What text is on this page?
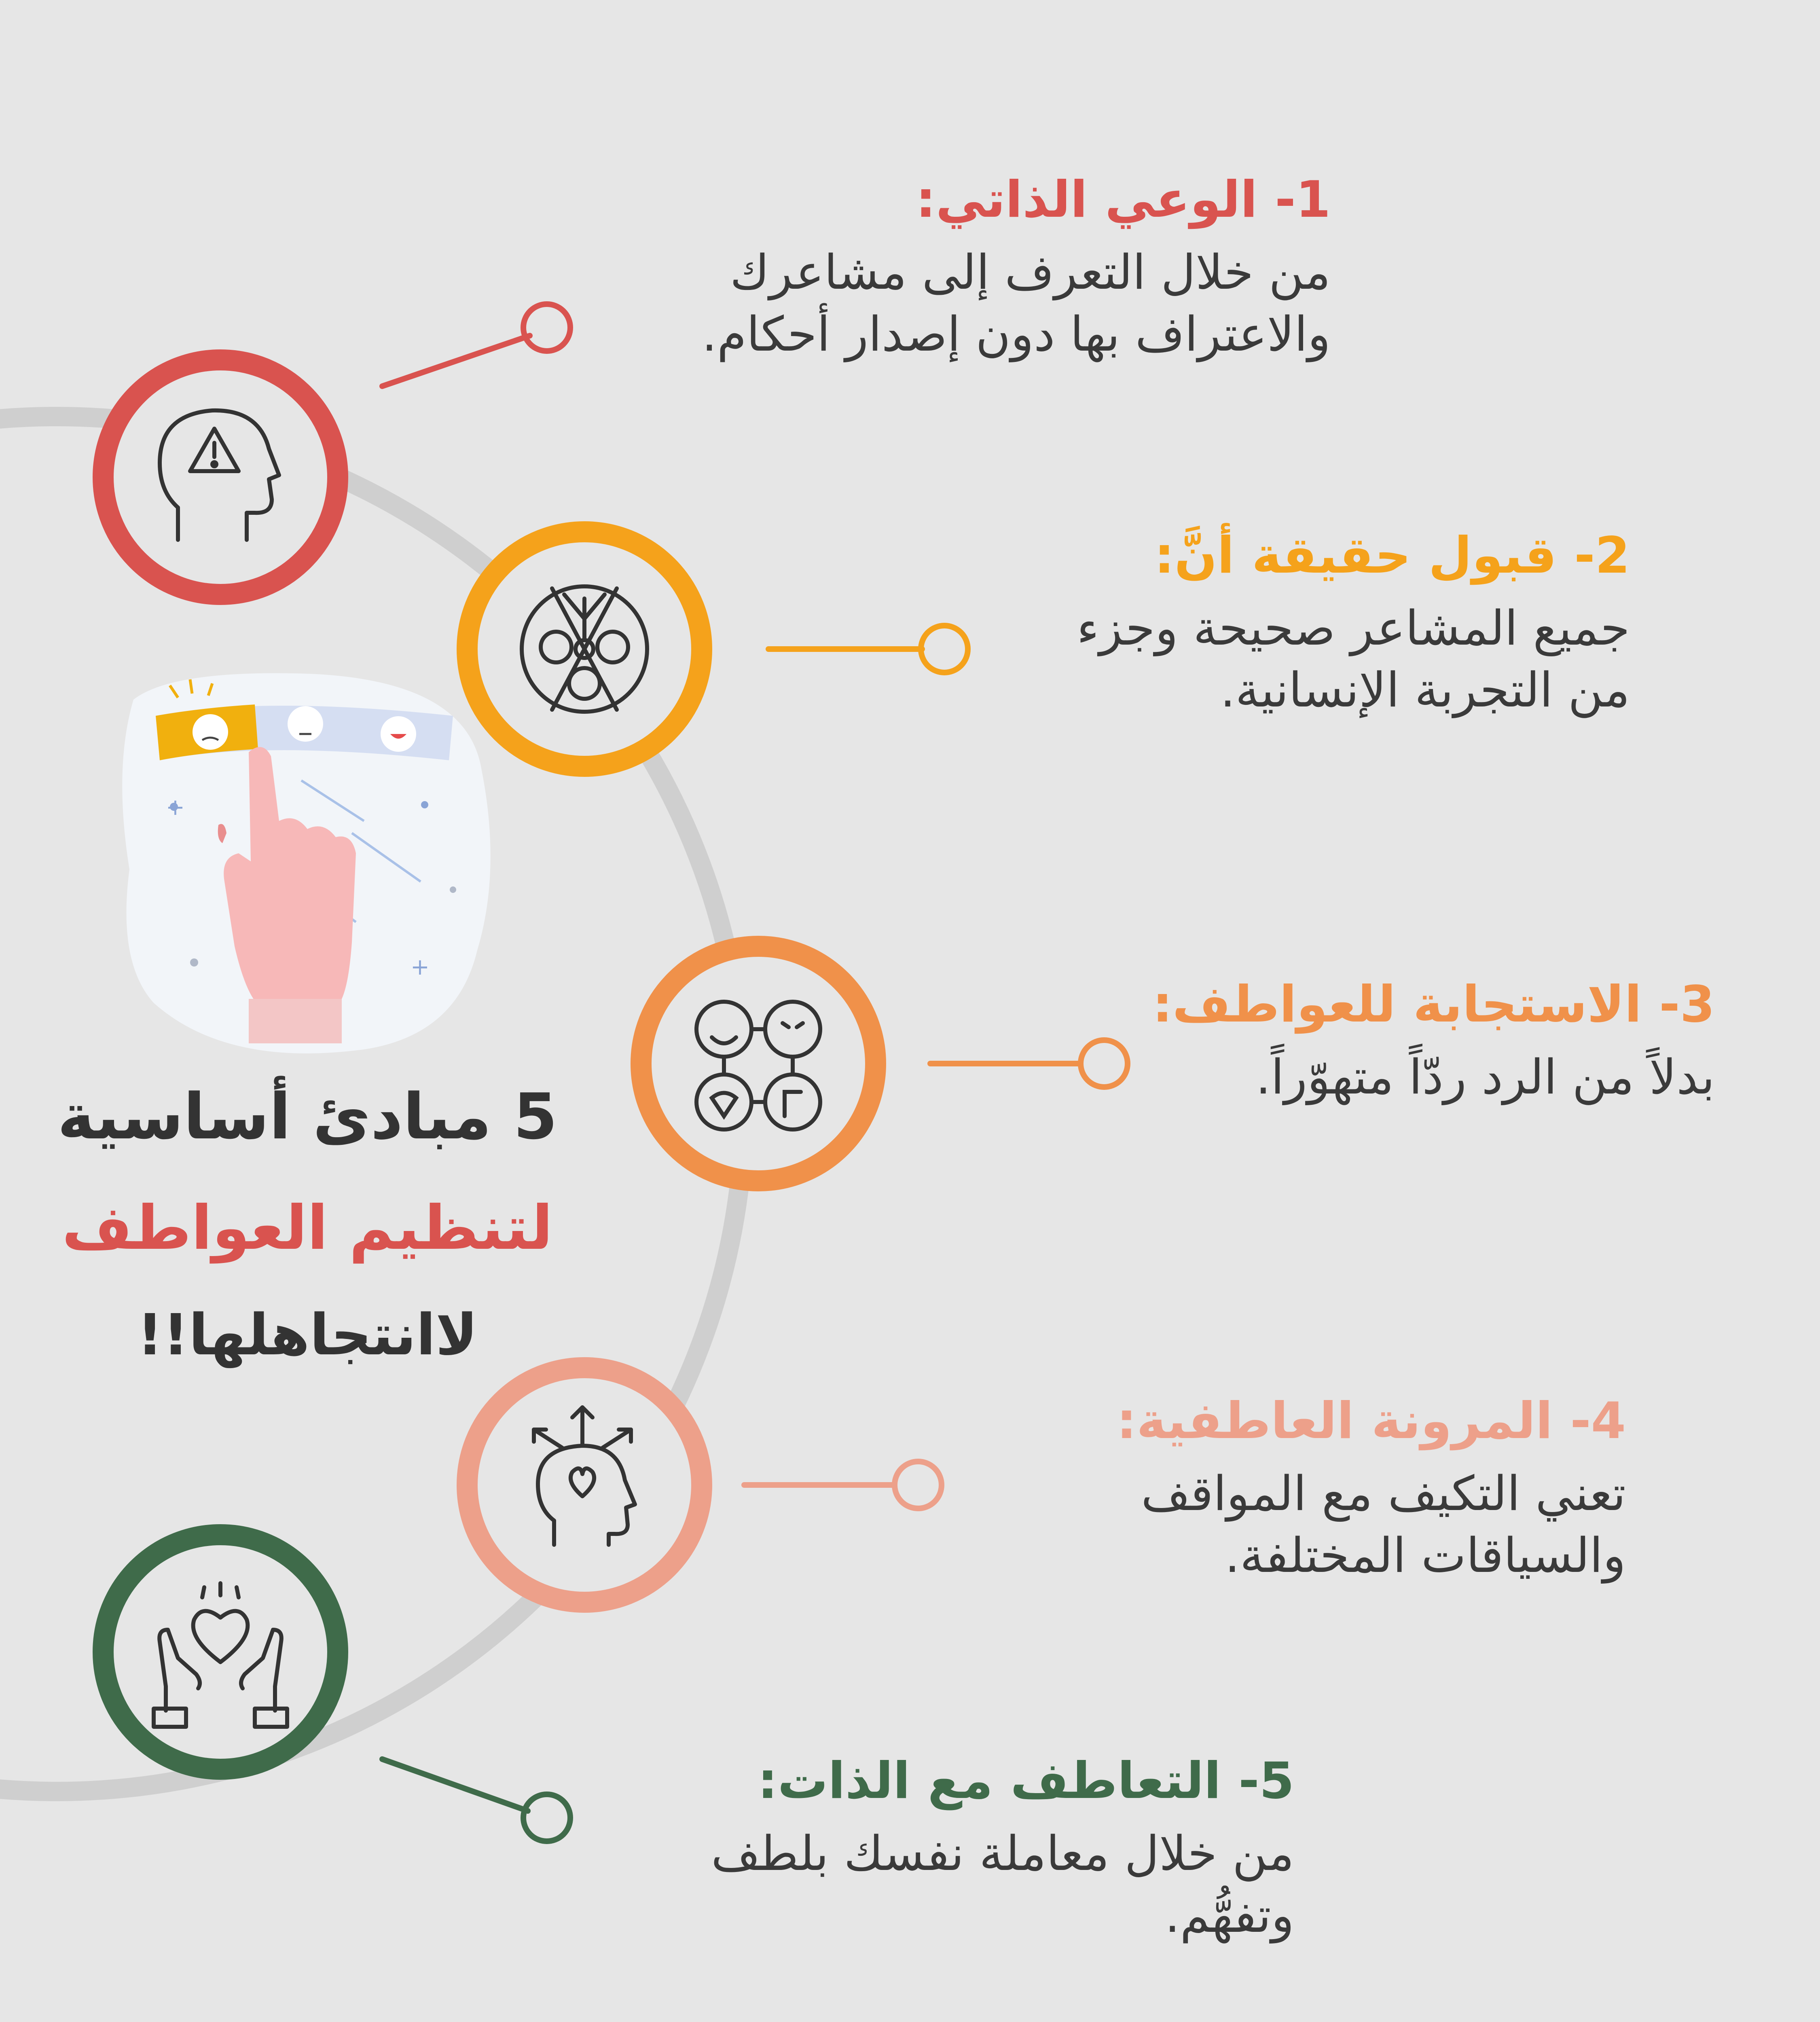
+
+
1- الوعي الذاتي:
من خلال التعرف إلى مشاعرك والاعتراف بها دون إصدار أحكام.
2- قبول حقيقة أنَّ:
جميع المشاعر صحيحة وجزء من التجربة الإنسانية.
3- الاستجابة للعواطف:
بدلاً من الرد ردّاً متهوّراً.
4- المرونة العاطفية:
تعني التكيف مع المواقف والسياقات المختلفة.
5- التعاطف مع الذات:
من خلال معاملة نفسك بلطف وتفهُّم.
5 مبادئ أساسية
لتنظيم العواطف
لاانتجاهلها!!
